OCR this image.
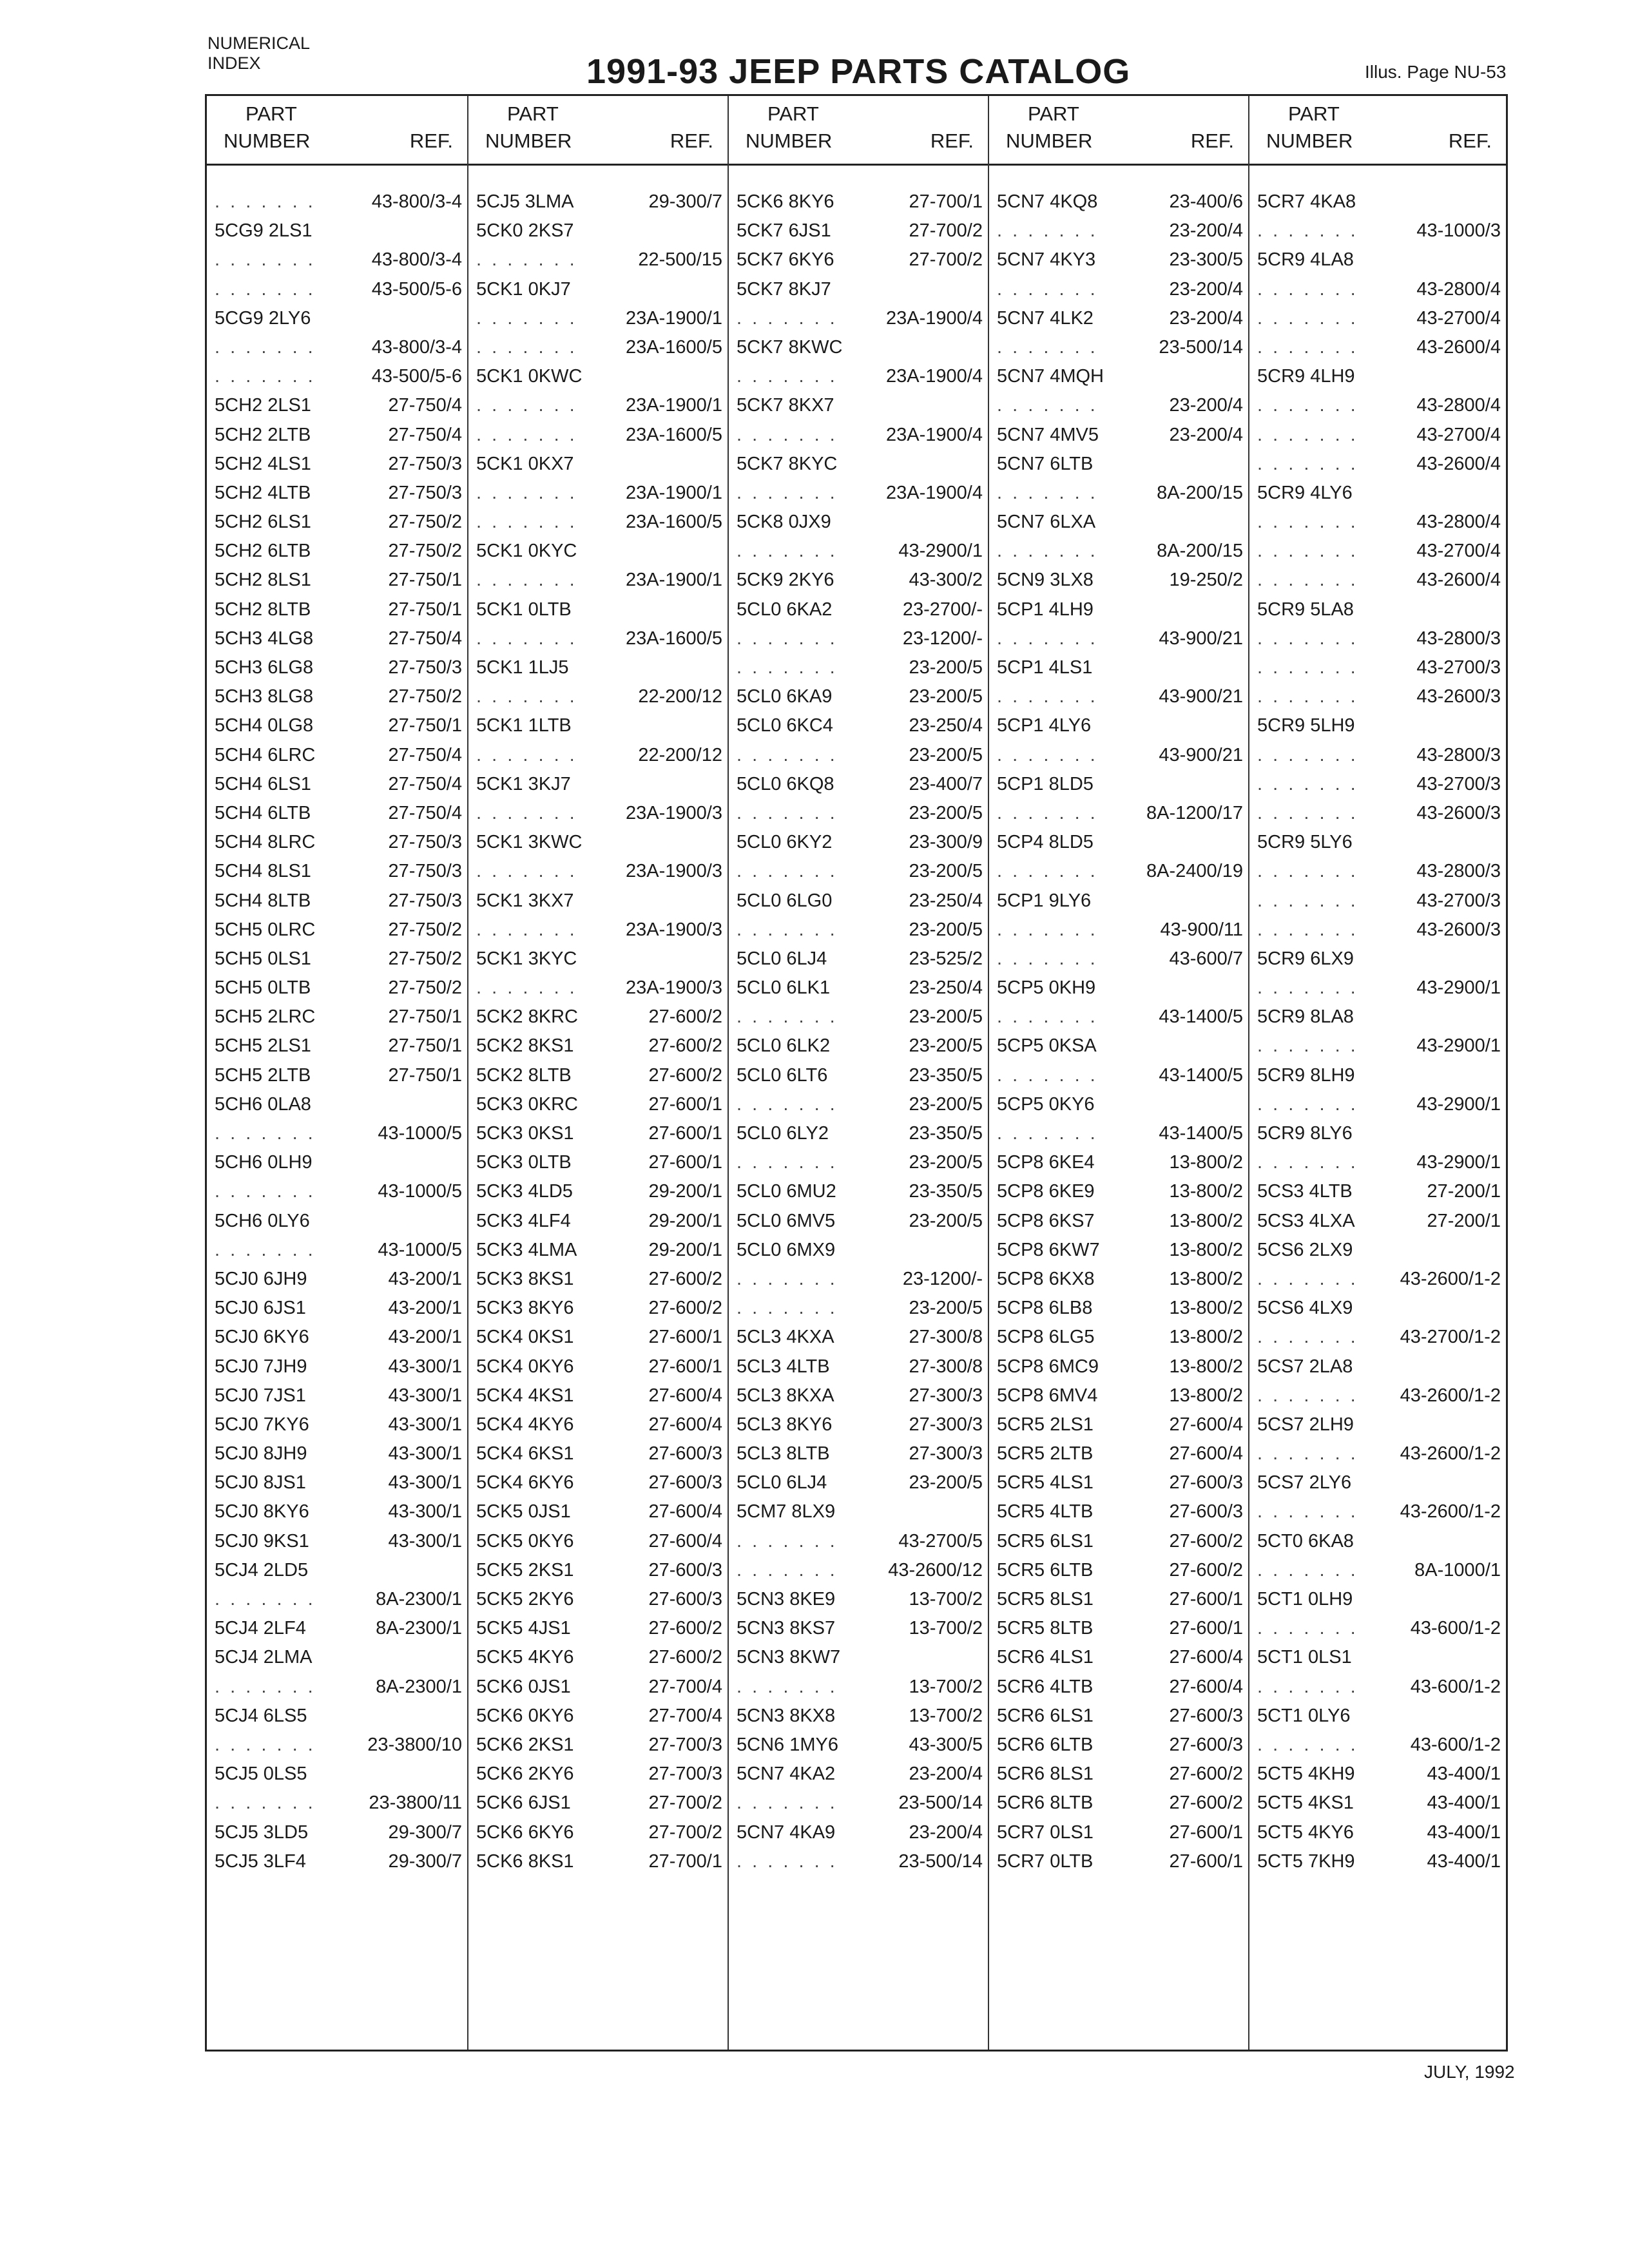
NUMERICAL
INDEX	1991-93 JEEP PARTS CATALOG	Illus. Page NU-53
PART
NUMBER	REF.
. . . . . . .	43-800/3-4
5CG9 2LS1
. . . . . . .	43-800/3-4
. . . . . . .	43-500/5-6
5CG9 2LY6
. . . . . . .	43-800/3-4
. . . . . . .	43-500/5-6
5CH2 2LS1	27-750/4
5CH2 2LTB	27-750/4
5CH2 4LS1	27-750/3
5CH2 4LTB	27-750/3
5CH2 6LS1	27-750/2
5CH2 6LTB	27-750/2
5CH2 8LS1	27-750/1
5CH2 8LTB	27-750/1
5CH3 4LG8	27-750/4
5CH3 6LG8	27-750/3
5CH3 8LG8	27-750/2
5CH4 0LG8	27-750/1
5CH4 6LRC	27-750/4
5CH4 6LS1	27-750/4
5CH4 6LTB	27-750/4
5CH4 8LRC	27-750/3
5CH4 8LS1	27-750/3
5CH4 8LTB	27-750/3
5CH5 0LRC	27-750/2
5CH5 0LS1	27-750/2
5CH5 0LTB	27-750/2
5CH5 2LRC	27-750/1
5CH5 2LS1	27-750/1
5CH5 2LTB	27-750/1
5CH6 0LA8
. . . . . . .	43-1000/5
5CH6 0LH9
. . . . . . .	43-1000/5
5CH6 0LY6
. . . . . . .	43-1000/5
5CJ0 6JH9	43-200/1
5CJ0 6JS1	43-200/1
5CJ0 6KY6	43-200/1
5CJ0 7JH9	43-300/1
5CJ0 7JS1	43-300/1
5CJ0 7KY6	43-300/1
5CJ0 8JH9	43-300/1
5CJ0 8JS1	43-300/1
5CJ0 8KY6	43-300/1
5CJ0 9KS1	43-300/1
5CJ4 2LD5
. . . . . . .	8A-2300/1
5CJ4 2LF4	8A-2300/1
5CJ4 2LMA
. . . . . . .	8A-2300/1
5CJ4 6LS5
. . . . . . .	23-3800/10
5CJ5 0LS5
. . . . . . .	23-3800/11
5CJ5 3LD5	29-300/7
5CJ5 3LF4	29-300/7
PART
NUMBER	REF.
5CJ5 3LMA	29-300/7
5CK0 2KS7
. . . . . . .	22-500/15
5CK1 0KJ7
. . . . . . .	23A-1900/1
. . . . . . .	23A-1600/5
5CK1 0KWC
. . . . . . .	23A-1900/1
. . . . . . .	23A-1600/5
5CK1 0KX7
. . . . . . .	23A-1900/1
. . . . . . .	23A-1600/5
5CK1 0KYC
. . . . . . .	23A-1900/1
5CK1 0LTB
. . . . . . .	23A-1600/5
5CK1 1LJ5
. . . . . . .	22-200/12
5CK1 1LTB
. . . . . . .	22-200/12
5CK1 3KJ7
. . . . . . .	23A-1900/3
5CK1 3KWC
. . . . . . .	23A-1900/3
5CK1 3KX7
. . . . . . .	23A-1900/3
5CK1 3KYC
. . . . . . .	23A-1900/3
5CK2 8KRC	27-600/2
5CK2 8KS1	27-600/2
5CK2 8LTB	27-600/2
5CK3 0KRC	27-600/1
5CK3 0KS1	27-600/1
5CK3 0LTB	27-600/1
5CK3 4LD5	29-200/1
5CK3 4LF4	29-200/1
5CK3 4LMA	29-200/1
5CK3 8KS1	27-600/2
5CK3 8KY6	27-600/2
5CK4 0KS1	27-600/1
5CK4 0KY6	27-600/1
5CK4 4KS1	27-600/4
5CK4 4KY6	27-600/4
5CK4 6KS1	27-600/3
5CK4 6KY6	27-600/3
5CK5 0JS1	27-600/4
5CK5 0KY6	27-600/4
5CK5 2KS1	27-600/3
5CK5 2KY6	27-600/3
5CK5 4JS1	27-600/2
5CK5 4KY6	27-600/2
5CK6 0JS1	27-700/4
5CK6 0KY6	27-700/4
5CK6 2KS1	27-700/3
5CK6 2KY6	27-700/3
5CK6 6JS1	27-700/2
5CK6 6KY6	27-700/2
5CK6 8KS1	27-700/1
PART
NUMBER	REF.
5CK6 8KY6	27-700/1
5CK7 6JS1	27-700/2
5CK7 6KY6	27-700/2
5CK7 8KJ7
. . . . . . .	23A-1900/4
5CK7 8KWC
. . . . . . .	23A-1900/4
5CK7 8KX7
. . . . . . .	23A-1900/4
5CK7 8KYC
. . . . . . .	23A-1900/4
5CK8 0JX9
. . . . . . .	43-2900/1
5CK9 2KY6	43-300/2
5CL0 6KA2	23-2700/-
. . . . . . .	23-1200/-
. . . . . . .	23-200/5
5CL0 6KA9	23-200/5
5CL0 6KC4	23-250/4
. . . . . . .	23-200/5
5CL0 6KQ8	23-400/7
. . . . . . .	23-200/5
5CL0 6KY2	23-300/9
. . . . . . .	23-200/5
5CL0 6LG0	23-250/4
. . . . . . .	23-200/5
5CL0 6LJ4	23-525/2
5CL0 6LK1	23-250/4
. . . . . . .	23-200/5
5CL0 6LK2	23-200/5
5CL0 6LT6	23-350/5
. . . . . . .	23-200/5
5CL0 6LY2	23-350/5
. . . . . . .	23-200/5
5CL0 6MU2	23-350/5
5CL0 6MV5	23-200/5
5CL0 6MX9
. . . . . . .	23-1200/-
. . . . . . .	23-200/5
5CL3 4KXA	27-300/8
5CL3 4LTB	27-300/8
5CL3 8KXA	27-300/3
5CL3 8KY6	27-300/3
5CL3 8LTB	27-300/3
5CL0 6LJ4	23-200/5
5CM7 8LX9
. . . . . . .	43-2700/5
. . . . . . .	43-2600/12
5CN3 8KE9	13-700/2
5CN3 8KS7	13-700/2
5CN3 8KW7
. . . . . . .	13-700/2
5CN3 8KX8	13-700/2
5CN6 1MY6	43-300/5
5CN7 4KA2	23-200/4
. . . . . . .	23-500/14
5CN7 4KA9	23-200/4
. . . . . . .	23-500/14
PART
NUMBER	REF.
5CN7 4KQ8	23-400/6
. . . . . . .	23-200/4
5CN7 4KY3	23-300/5
. . . . . . .	23-200/4
5CN7 4LK2	23-200/4
. . . . . . .	23-500/14
5CN7 4MQH
. . . . . . .	23-200/4
5CN7 4MV5	23-200/4
5CN7 6LTB
. . . . . . .	8A-200/15
5CN7 6LXA
. . . . . . .	8A-200/15
5CN9 3LX8	19-250/2
5CP1 4LH9
. . . . . . .	43-900/21
5CP1 4LS1
. . . . . . .	43-900/21
5CP1 4LY6
. . . . . . .	43-900/21
5CP1 8LD5
. . . . . . .	8A-1200/17
5CP4 8LD5
. . . . . . .	8A-2400/19
5CP1 9LY6
. . . . . . .	43-900/11
. . . . . . .	43-600/7
5CP5 0KH9
. . . . . . .	43-1400/5
5CP5 0KSA
. . . . . . .	43-1400/5
5CP5 0KY6
. . . . . . .	43-1400/5
5CP8 6KE4	13-800/2
5CP8 6KE9	13-800/2
5CP8 6KS7	13-800/2
5CP8 6KW7	13-800/2
5CP8 6KX8	13-800/2
5CP8 6LB8	13-800/2
5CP8 6LG5	13-800/2
5CP8 6MC9	13-800/2
5CP8 6MV4	13-800/2
5CR5 2LS1	27-600/4
5CR5 2LTB	27-600/4
5CR5 4LS1	27-600/3
5CR5 4LTB	27-600/3
5CR5 6LS1	27-600/2
5CR5 6LTB	27-600/2
5CR5 8LS1	27-600/1
5CR5 8LTB	27-600/1
5CR6 4LS1	27-600/4
5CR6 4LTB	27-600/4
5CR6 6LS1	27-600/3
5CR6 6LTB	27-600/3
5CR6 8LS1	27-600/2
5CR6 8LTB	27-600/2
5CR7 0LS1	27-600/1
5CR7 0LTB	27-600/1
PART
NUMBER	REF.
5CR7 4KA8
. . . . . . .	43-1000/3
5CR9 4LA8
. . . . . . .	43-2800/4
. . . . . . .	43-2700/4
. . . . . . .	43-2600/4
5CR9 4LH9
. . . . . . .	43-2800/4
. . . . . . .	43-2700/4
. . . . . . .	43-2600/4
5CR9 4LY6
. . . . . . .	43-2800/4
. . . . . . .	43-2700/4
. . . . . . .	43-2600/4
5CR9 5LA8
. . . . . . .	43-2800/3
. . . . . . .	43-2700/3
. . . . . . .	43-2600/3
5CR9 5LH9
. . . . . . .	43-2800/3
. . . . . . .	43-2700/3
. . . . . . .	43-2600/3
5CR9 5LY6
. . . . . . .	43-2800/3
. . . . . . .	43-2700/3
. . . . . . .	43-2600/3
5CR9 6LX9
. . . . . . .	43-2900/1
5CR9 8LA8
. . . . . . .	43-2900/1
5CR9 8LH9
. . . . . . .	43-2900/1
5CR9 8LY6
. . . . . . .	43-2900/1
5CS3 4LTB	27-200/1
5CS3 4LXA	27-200/1
5CS6 2LX9
. . . . . . . 43-2600/1-2
5CS6 4LX9
. . . . . . . 43-2700/1-2
5CS7 2LA8
. . . . . . . 43-2600/1-2
5CS7 2LH9
. . . . . . . 43-2600/1-2
5CS7 2LY6
. . . . . . . 43-2600/1-2
5CT0 6KA8
. . . . . . .	8A-1000/1
5CT1 0LH9
. . . . . . .	43-600/1-2
5CT1 0LS1
. . . . . . .	43-600/1-2
5CT1 0LY6
. . . . . . .	43-600/1-2
5CT5 4KH9	43-400/1
5CT5 4KS1	43-400/1
5CT5 4KY6	43-400/1
5CT5 7KH9	43-400/1
JULY, 1992
